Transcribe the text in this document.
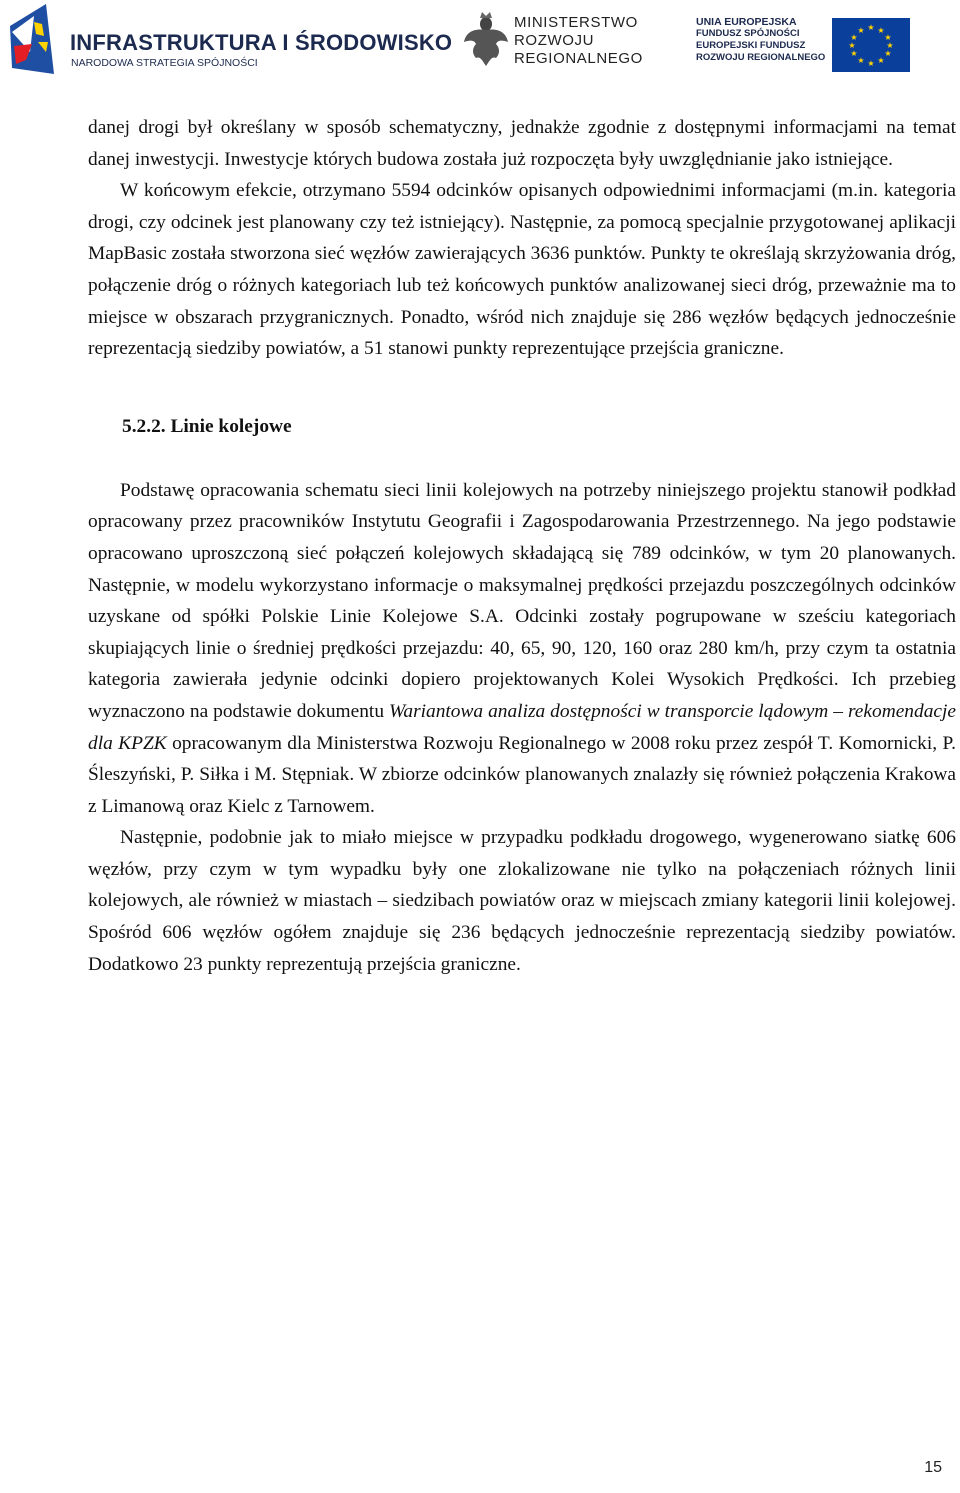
INFRASTRUKTURA I ŚRODOWISKO
NARODOWA STRATEGIA SPÓJNOŚCI
MINISTERSTWO
ROZWOJU
REGIONALNEGO
UNIA EUROPEJSKA
FUNDUSZ SPÓJNOŚCI
EUROPEJSKI FUNDUSZ
ROZWOJU REGIONALNEGO
★ ★
★
★
★
★
★
★
★
★
★
★

danej drogi był określany w sposób schematyczny, jednakże zgodnie z dostępnymi informacjami na temat danej inwestycji. Inwestycje których budowa została już rozpoczęta były uwzględnianie jako istniejące.
W końcowym efekcie, otrzymano 5594 odcinków opisanych odpowiednimi informacjami (m.in. kategoria drogi, czy odcinek jest planowany czy też istniejący). Następnie, za pomocą specjalnie przygotowanej aplikacji MapBasic została stworzona sieć węzłów zawierających 3636 punktów. Punkty te określają skrzyżowania dróg, połączenie dróg o różnych kategoriach lub też końcowych punktów analizowanej sieci dróg, przeważnie ma to miejsce w obszarach przygranicznych. Ponadto, wśród nich znajduje się 286 węzłów będących jednocześnie reprezentacją siedziby powiatów, a 51 stanowi punkty reprezentujące przejścia graniczne.

5.2.2. Linie kolejowe

Podstawę opracowania schematu sieci linii kolejowych na potrzeby niniejszego projektu stanowił podkład opracowany przez pracowników Instytutu Geografii i Zagospodarowania Przestrzennego. Na jego podstawie opracowano uproszczoną sieć połączeń kolejowych składającą się 789 odcinków, w tym 20 planowanych. Następnie, w modelu wykorzystano informacje o maksymalnej prędkości przejazdu poszczególnych odcinków uzyskane od spółki Polskie Linie Kolejowe S.A. Odcinki zostały pogrupowane w sześciu kategoriach skupiających linie o średniej prędkości przejazdu: 40, 65, 90, 120, 160 oraz 280 km/h, przy czym ta ostatnia kategoria zawierała jedynie odcinki dopiero projektowanych Kolei Wysokich Prędkości. Ich przebieg wyznaczono na podstawie dokumentu Wariantowa analiza dostępności w transporcie lądowym – rekomendacje dla KPZK opracowanym dla Ministerstwa Rozwoju Regionalnego w 2008 roku przez zespół T. Komornicki, P. Śleszyński, P. Siłka i M. Stępniak. W zbiorze odcinków planowanych znalazły się również połączenia Krakowa z Limanową oraz Kielc z Tarnowem.

Następnie, podobnie jak to miało miejsce w przypadku podkładu drogowego, wygenerowano siatkę 606 węzłów, przy czym w tym wypadku były one zlokalizowane nie tylko na połączeniach różnych linii kolejowych, ale również w miastach – siedzibach powiatów oraz w miejscach zmiany kategorii linii kolejowej. Spośród 606 węzłów ogółem znajduje się 236 będących jednocześnie reprezentacją siedziby powiatów. Dodatkowo 23 punkty reprezentują przejścia graniczne.

15
